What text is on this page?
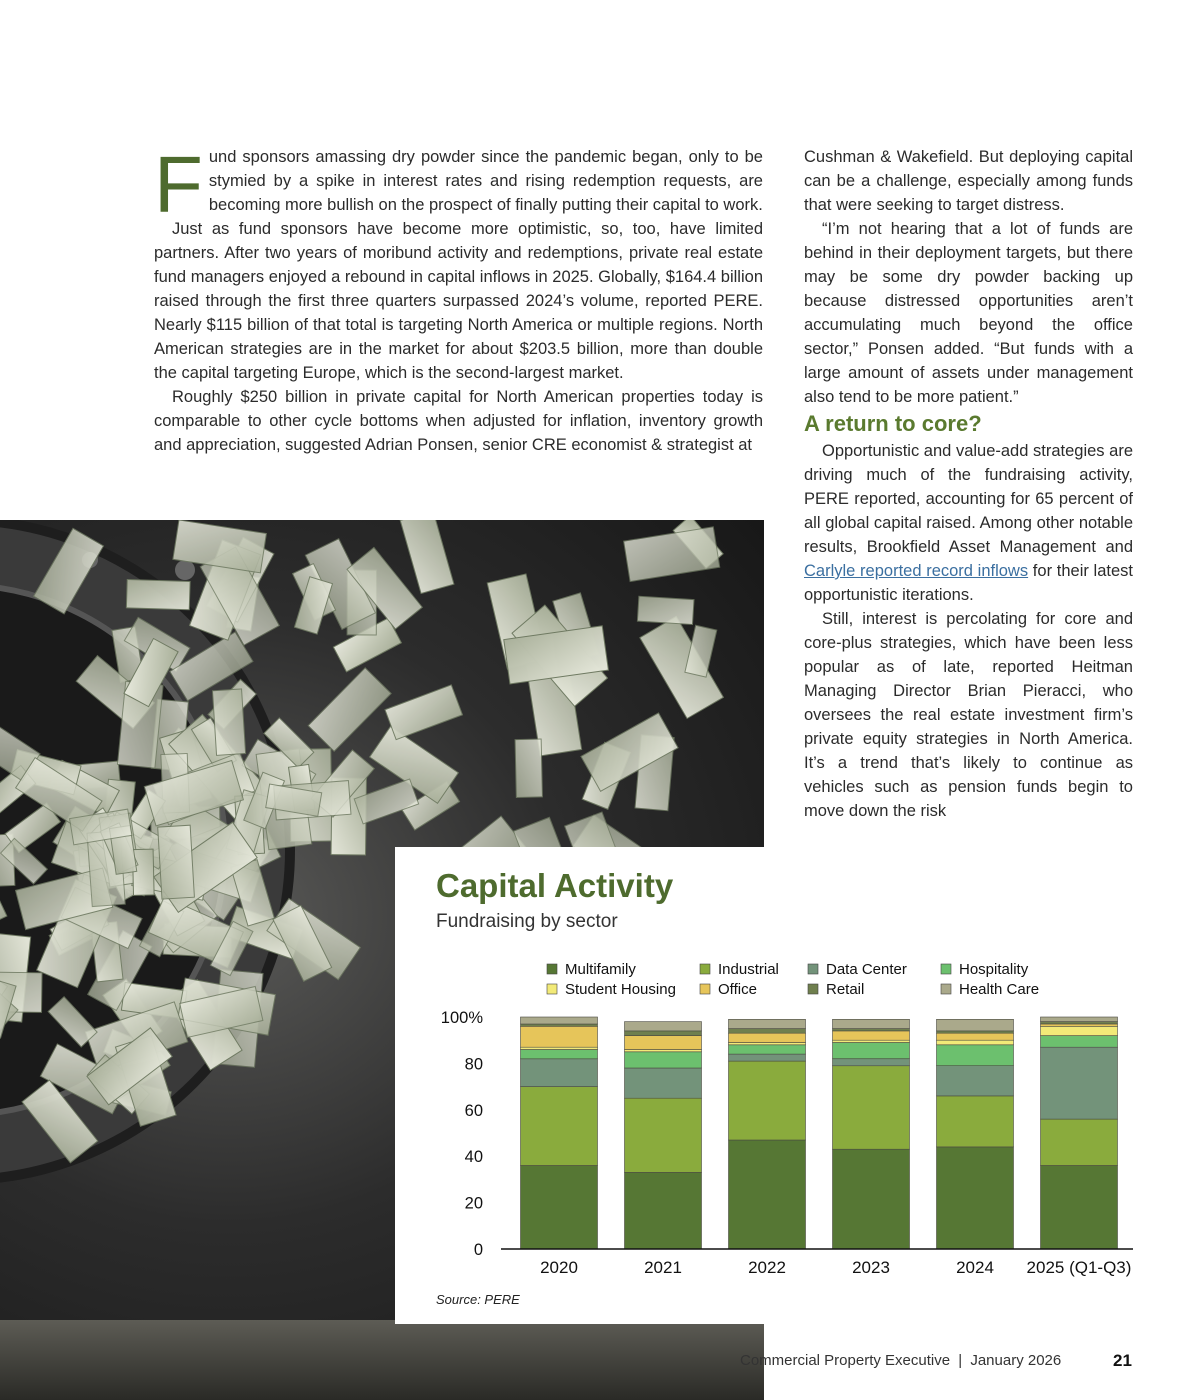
Fund sponsors amassing dry powder since the pandemic began, only to be stymied by a spike in interest rates and rising redemption requests, are becoming more bullish on the prospect of finally putting their capital to work.

Just as fund sponsors have become more optimistic, so, too, have limited partners. After two years of moribund activity and redemptions, private real estate fund managers enjoyed a rebound in capital inflows in 2025. Globally, $164.4 billion raised through the first three quarters surpassed 2024’s volume, reported PERE. Nearly $115 billion of that total is targeting North America or multiple regions. North American strategies are in the market for about $203.5 billion, more than double the capital targeting Europe, which is the second-largest market.

Roughly $250 billion in private capital for North American properties today is comparable to other cycle bottoms when adjusted for inflation, inventory growth and appreciation, suggested Adrian Ponsen, senior CRE economist & strategist at

Cushman & Wakefield. But deploying capital can be a challenge, especially among funds that were seeking to target distress.

“I’m not hearing that a lot of funds are behind in their deployment targets, but there may be some dry powder backing up because distressed opportunities aren’t accumulating much beyond the office sector,” Ponsen added. “But funds with a large amount of assets under management also tend to be more patient.”

A return to core?

Opportunistic and value-add strategies are driving much of the fundraising activity, PERE reported, accounting for 65 percent of all global capital raised. Among other notable results, Brookfield Asset Management and Carlyle reported record inflows for their latest opportunistic iterations.

Still, interest is percolating for core and core-plus strategies, which have been less popular as of late, reported Heitman Managing Director Brian Pieracci, who oversees the real estate investment firm’s private equity strategies in North America. It’s a trend that’s likely to continue as vehicles such as pension funds begin to move down the risk

Capital Activity
Fundraising by sector
Multifamily	Industrial	Data Center	Hospitality
Student Housing	Office	Retail	Health Care
0
20
40
60
80
100%
2020	2021	2022	2023	2024 2025 (Q1-Q3)
Source: PERE
Commercial Property Executive | January 2026	21
